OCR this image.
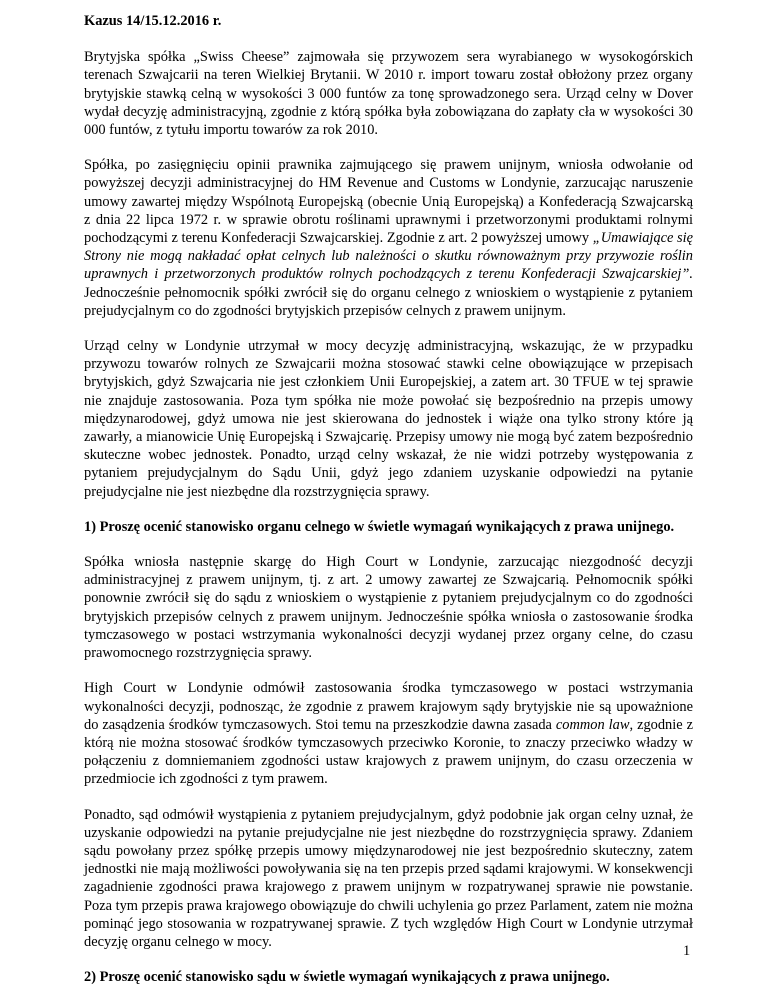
Kazus 14/15.12.2016 r.

Brytyjska spółka „Swiss Cheese” zajmowała się przywozem sera wyrabianego w wysokogórskich terenach Szwajcarii na teren Wielkiej Brytanii. W 2010 r. import towaru został obłożony przez organy brytyjskie stawką celną w wysokości 3 000 funtów za tonę sprowadzonego sera. Urząd celny w Dover wydał decyzję administracyjną, zgodnie z którą spółka była zobowiązana do zapłaty cła w wysokości 30 000 funtów, z tytułu importu towarów za rok 2010.

Spółka, po zasięgnięciu opinii prawnika zajmującego się prawem unijnym, wniosła odwołanie od powyższej decyzji administracyjnej do HM Revenue and Customs w Londynie, zarzucając naruszenie umowy zawartej między Wspólnotą Europejską (obecnie Unią Europejską) a Konfederacją Szwajcarską z dnia 22 lipca 1972 r. w sprawie obrotu roślinami uprawnymi i przetworzonymi produktami rolnymi pochodzącymi z terenu Konfederacji Szwajcarskiej. Zgodnie z art. 2 powyższej umowy „Umawiające się Strony nie mogą nakładać opłat celnych lub należności o skutku równoważnym przy przywozie roślin uprawnych i przetworzonych produktów rolnych pochodzących z terenu Konfederacji Szwajcarskiej”. Jednocześnie pełnomocnik spółki zwrócił się do organu celnego z wnioskiem o wystąpienie z pytaniem prejudycjalnym co do zgodności brytyjskich przepisów celnych z prawem unijnym.

Urząd celny w Londynie utrzymał w mocy decyzję administracyjną, wskazując, że w przypadku przywozu towarów rolnych ze Szwajcarii można stosować stawki celne obowiązujące w przepisach brytyjskich, gdyż Szwajcaria nie jest członkiem Unii Europejskiej, a zatem art. 30 TFUE w tej sprawie nie znajduje zastosowania. Poza tym spółka nie może powołać się bezpośrednio na przepis umowy międzynarodowej, gdyż umowa nie jest skierowana do jednostek i wiąże ona tylko strony które ją zawarły, a mianowicie Unię Europejską i Szwajcarię. Przepisy umowy nie mogą być zatem bezpośrednio skuteczne wobec jednostek. Ponadto, urząd celny wskazał, że nie widzi potrzeby występowania z pytaniem prejudycjalnym do Sądu Unii, gdyż jego zdaniem uzyskanie odpowiedzi na pytanie prejudycjalne nie jest niezbędne dla rozstrzygnięcia sprawy.

1) Proszę ocenić stanowisko organu celnego w świetle wymagań wynikających z prawa unijnego.

Spółka wniosła następnie skargę do High Court w Londynie, zarzucając niezgodność decyzji administracyjnej z prawem unijnym, tj. z art. 2 umowy zawartej ze Szwajcarią. Pełnomocnik spółki ponownie zwrócił się do sądu z wnioskiem o wystąpienie z pytaniem prejudycjalnym co do zgodności brytyjskich przepisów celnych z prawem unijnym. Jednocześnie spółka wniosła o zastosowanie środka tymczasowego w postaci wstrzymania wykonalności decyzji wydanej przez organy celne, do czasu prawomocnego rozstrzygnięcia sprawy.

High Court w Londynie odmówił zastosowania środka tymczasowego w postaci wstrzymania wykonalności decyzji, podnosząc, że zgodnie z prawem krajowym sądy brytyjskie nie są upoważnione do zasądzenia środków tymczasowych. Stoi temu na przeszkodzie dawna zasada common law, zgodnie z którą nie można stosować środków tymczasowych przeciwko Koronie, to znaczy przeciwko władzy w połączeniu z domniemaniem zgodności ustaw krajowych z prawem unijnym, do czasu orzeczenia w przedmiocie ich zgodności z tym prawem.

Ponadto, sąd odmówił wystąpienia z pytaniem prejudycjalnym, gdyż podobnie jak organ celny uznał, że uzyskanie odpowiedzi na pytanie prejudycjalne nie jest niezbędne do rozstrzygnięcia sprawy. Zdaniem sądu powołany przez spółkę przepis umowy międzynarodowej nie jest bezpośrednio skuteczny, zatem jednostki nie mają możliwości powoływania się na ten przepis przed sądami krajowymi. W konsekwencji zagadnienie zgodności prawa krajowego z prawem unijnym w rozpatrywanej sprawie nie powstanie. Poza tym przepis prawa krajowego obowiązuje do chwili uchylenia go przez Parlament, zatem nie można pominąć jego stosowania w rozpatrywanej sprawie. Z tych względów High Court w Londynie utrzymał decyzję organu celnego w mocy.

2) Proszę ocenić stanowisko sądu w świetle wymagań wynikających z prawa unijnego.
1
